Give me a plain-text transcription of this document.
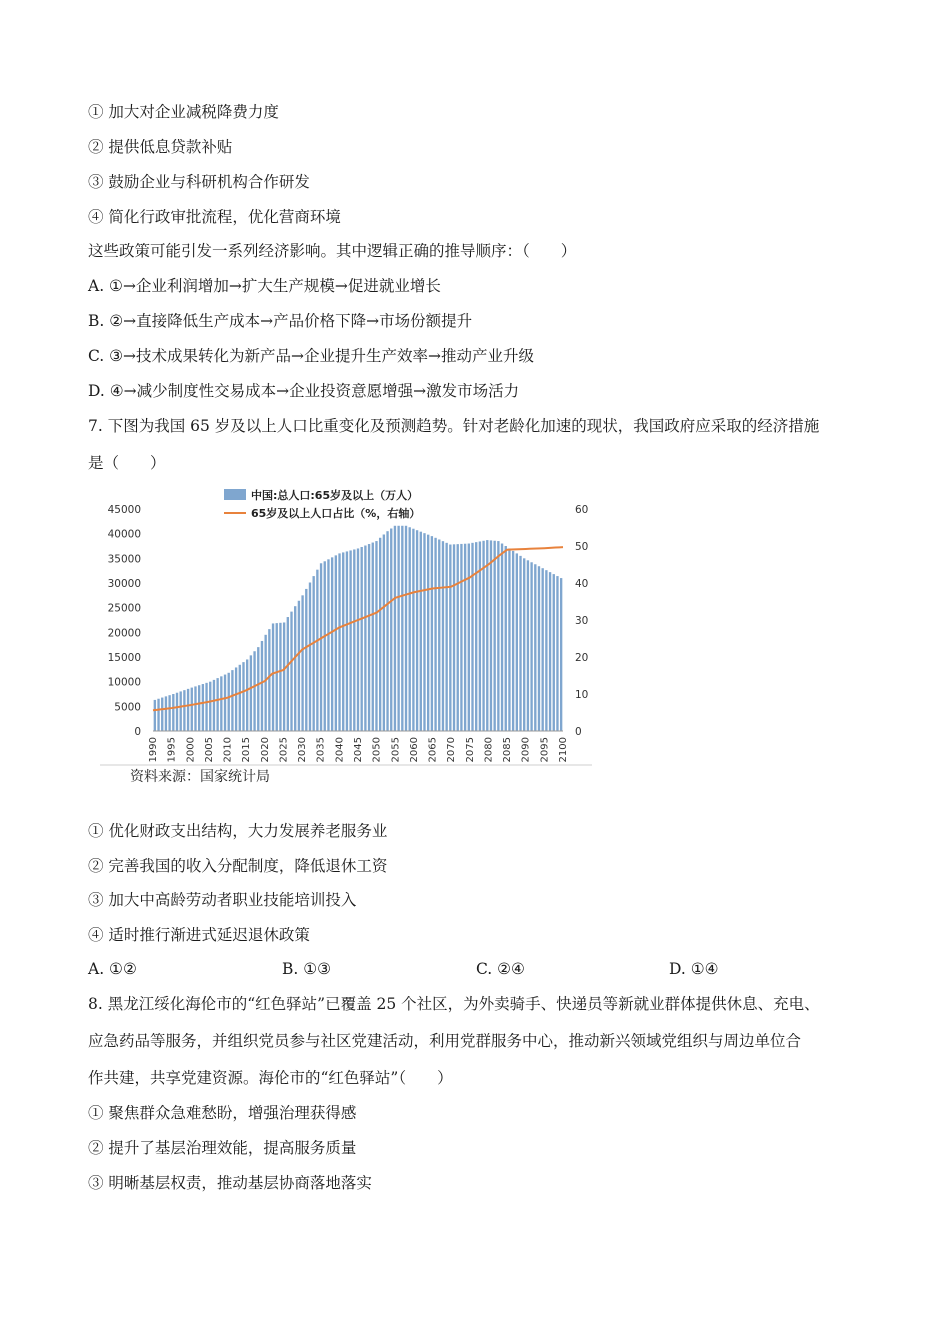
① 加大对企业减税降费力度
② 提供低息贷款补贴
③ 鼓励企业与科研机构合作研发
④ 简化行政审批流程，优化营商环境
这些政策可能引发一系列经济影响。其中逻辑正确的推导顺序：（　　）
A. ①→企业利润增加→扩大生产规模→促进就业增长
B. ②→直接降低生产成本→产品价格下降→市场份额提升
C. ③→技术成果转化为新产品→企业提升生产效率→推动产业升级
D. ④→减少制度性交易成本→企业投资意愿增强→激发市场活力
7. 下图为我国 65 岁及以上人口比重变化及预测趋势。针对老龄化加速的现状，我国政府应采取的经济措施
是（　　）
0
5000
10000
15000
20000
25000
30000
35000
40000
45000
0
10
20
30
40
50
60
1990 1995 2000 2005 2010 2015 2020 2025 2030 2035 2040 2045 2050 2055 2060 2065 2070 2075 2080 2085 2090 2095 2100
中国:总人口:65岁及以上（万人）
65岁及以上人口占比（%，右轴）
资料来源：国家统计局
① 优化财政支出结构，大力发展养老服务业
② 完善我国的收入分配制度，降低退休工资
③ 加大中高龄劳动者职业技能培训投入
④ 适时推行渐进式延迟退休政策
A. ①②	B. ①③	C. ②④	D. ①④
8. 黑龙江绥化海伦市的“红色驿站”已覆盖 25 个社区，为外卖骑手、快递员等新就业群体提供休息、充电、
应急药品等服务，并组织党员参与社区党建活动，利用党群服务中心，推动新兴领域党组织与周边单位合
作共建，共享党建资源。海伦市的“红色驿站”（　　）
① 聚焦群众急难愁盼，增强治理获得感
② 提升了基层治理效能，提高服务质量
③ 明晰基层权责，推动基层协商落地落实
